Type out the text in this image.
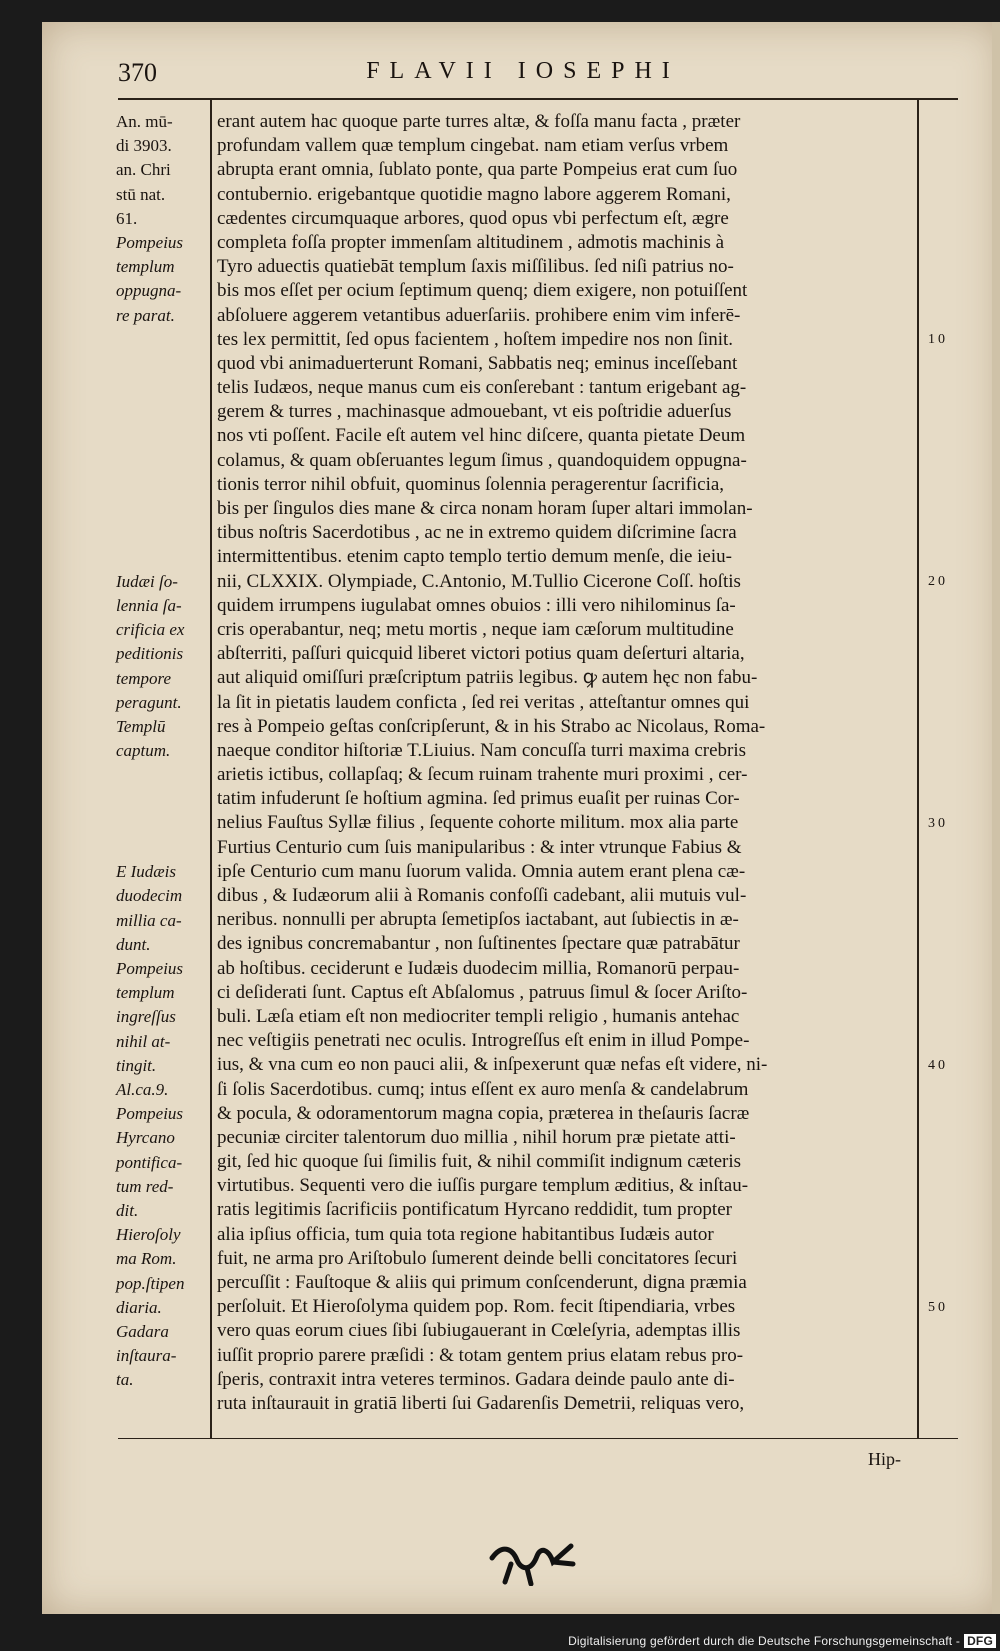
370	FLAVII IOSEPHI
An. mū-
di 3903.
an. Chri
stū nat.
61.
Pompeius
templum
oppugna-
re parat.
Iudæi ſo-
lennia ſa-
crificia ex
peditionis
tempore
peragunt.
Templū
captum.
E Iudæis
duodecim
millia ca-
dunt.
Pompeius
templum
ingreſſus
nihil at-
tingit.
Al.ca.9.
Pompeius
Hyrcano
pontifica-
tum red-
dit.
Hieroſoly
ma Rom.
pop.ſtipen
diaria.
Gadara
inſtaura-
ta.
erant autem hac quoque parte turres altæ, & foſſa manu facta , præter
profundam vallem quæ templum cingebat. nam etiam verſus vrbem
abrupta erant omnia, ſublato ponte, qua parte Pompeius erat cum ſuo
contubernio. erigebantque quotidie magno labore aggerem Romani,
cædentes circumquaque arbores, quod opus vbi perfectum eſt, ægre
completa foſſa propter immenſam altitudinem , admotis machinis à
Tyro aduectis quatiebāt templum ſaxis miſſilibus. ſed niſi patrius no-
bis mos eſſet per ocium ſeptimum quenq; diem exigere, non potuiſſent
abſoluere aggerem vetantibus aduerſariis. prohibere enim vim inferē-
tes lex permittit, ſed opus facientem , hoſtem impedire nos non ſinit.
quod vbi animaduerterunt Romani, Sabbatis neq; eminus inceſſebant
telis Iudæos, neque manus cum eis conſerebant : tantum erigebant ag-
gerem & turres , machinasque admouebant, vt eis poſtridie aduerſus
nos vti poſſent. Facile eſt autem vel hinc diſcere, quanta pietate Deum
colamus, & quam obſeruantes legum ſimus , quandoquidem oppugna-
tionis terror nihil obfuit, quominus ſolennia peragerentur ſacrificia,
bis per ſingulos dies mane & circa nonam horam ſuper altari immolan-
tibus noſtris Sacerdotibus , ac ne in extremo quidem diſcrimine ſacra
intermittentibus. etenim capto templo tertio demum menſe, die ieiu-
nii, CLXXIX. Olympiade, C.Antonio, M.Tullio Cicerone Coſſ. hoſtis
quidem irrumpens iugulabat omnes obuios : illi vero nihilominus ſa-
cris operabantur, neq; metu mortis , neque iam cæſorum multitudine
abſterriti, paſſuri quicquid liberet victori potius quam deſerturi altaria,
aut aliquid omiſſuri præſcriptum patriis legibus. ꝙ autem hęc non fabu-
la ſit in pietatis laudem conficta , ſed rei veritas , atteſtantur omnes qui
res à Pompeio geſtas conſcripſerunt, & in his Strabo ac Nicolaus, Roma-
naeque conditor hiſtoriæ T.Liuius. Nam concuſſa turri maxima crebris
arietis ictibus, collapſaq; & ſecum ruinam trahente muri proximi , cer-
tatim infuderunt ſe hoſtium agmina. ſed primus euaſit per ruinas Cor-
nelius Fauſtus Syllæ filius , ſequente cohorte militum. mox alia parte
Furtius Centurio cum ſuis manipularibus : & inter vtrunque Fabius &
ipſe Centurio cum manu ſuorum valida. Omnia autem erant plena cæ-
dibus , & Iudæorum alii à Romanis confoſſi cadebant, alii mutuis vul-
neribus. nonnulli per abrupta ſemetipſos iactabant, aut ſubiectis in æ-
des ignibus concremabantur , non ſuſtinentes ſpectare quæ patrabātur
ab hoſtibus. ceciderunt e Iudæis duodecim millia, Romanorū perpau-
ci deſiderati ſunt. Captus eſt Abſalomus , patruus ſimul & ſocer Ariſto-
buli. Læſa etiam eſt non mediocriter templi religio , humanis antehac
nec veſtigiis penetrati nec oculis. Introgreſſus eſt enim in illud Pompe-
ius, & vna cum eo non pauci alii, & inſpexerunt quæ nefas eſt videre, ni-
ſi ſolis Sacerdotibus. cumq; intus eſſent ex auro menſa & candelabrum
& pocula, & odoramentorum magna copia, præterea in theſauris ſacræ
pecuniæ circiter talentorum duo millia , nihil horum præ pietate atti-
git, ſed hic quoque ſui ſimilis fuit, & nihil commiſit indignum cæteris
virtutibus. Sequenti vero die iuſſis purgare templum æditius, & inſtau-
ratis legitimis ſacrificiis pontificatum Hyrcano reddidit, tum propter
alia ipſius officia, tum quia tota regione habitantibus Iudæis autor
fuit, ne arma pro Ariſtobulo ſumerent deinde belli concitatores ſecuri
percuſſit : Fauſtoque & aliis qui primum conſcenderunt, digna præmia
perſoluit. Et Hieroſolyma quidem pop. Rom. fecit ſtipendiaria, vrbes
vero quas eorum ciues ſibi ſubiugauerant in Cœleſyria, ademptas illis
iuſſit proprio parere præſidi : & totam gentem prius elatam rebus pro-
ſperis, contraxit intra veteres terminos. Gadara deinde paulo ante di-
ruta inſtaurauit in gratiā liberti ſui Gadarenſis Demetrii, reliquas vero,
10
20
30
40
50
Hip-
Digitalisierung gefördert durch die Deutsche Forschungsgemeinschaft - DFG
